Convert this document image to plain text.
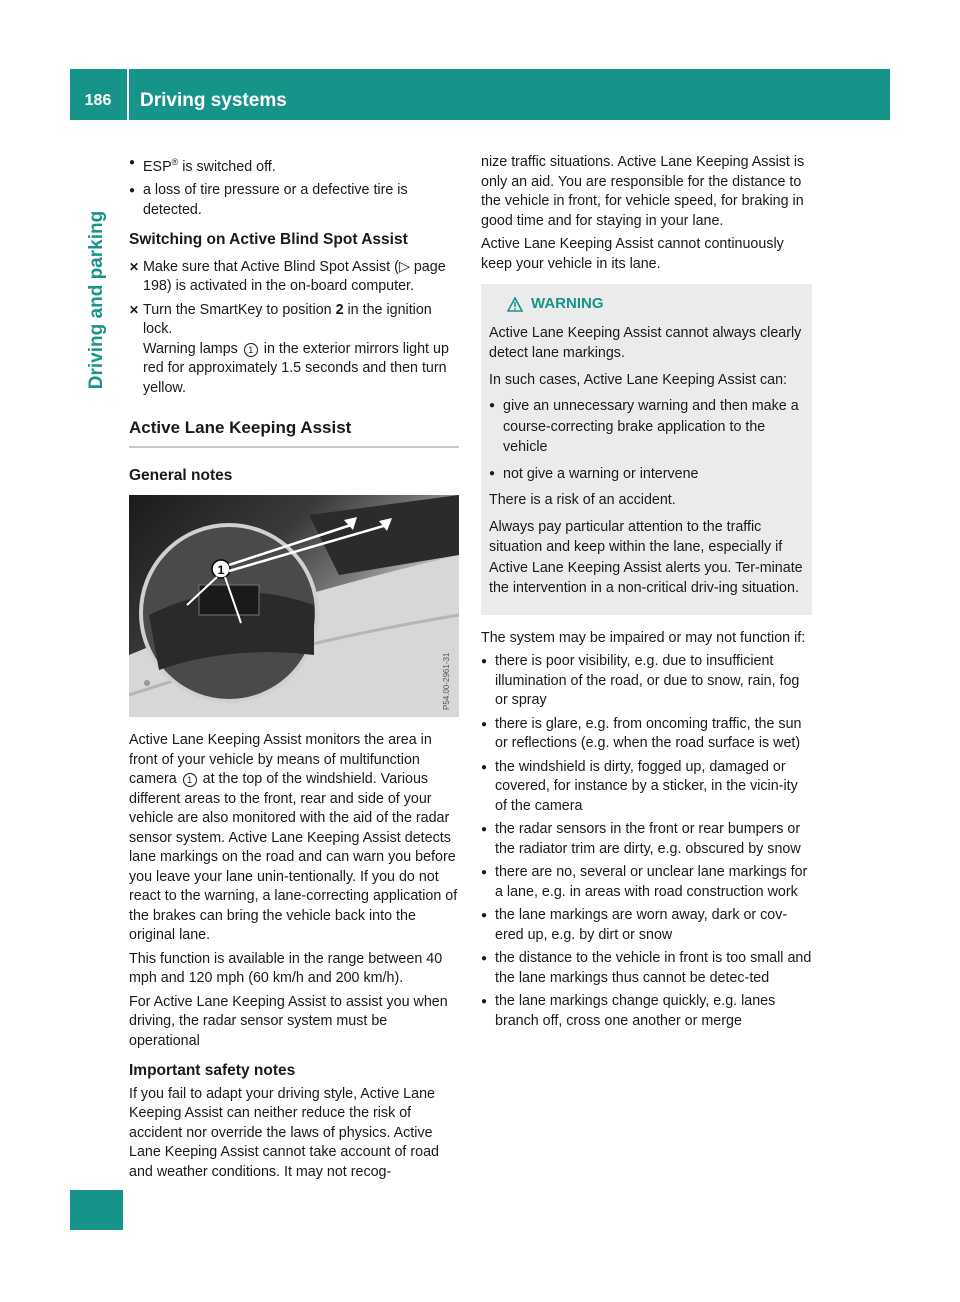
186	Driving systems
Driving and parking
● ESP® is switched off.
● a loss of tire pressure or a defective tire is detected.
Switching on Active Blind Spot Assist
✕ Make sure that Active Blind Spot Assist (▷ page 198) is activated in the on-board computer.
✕ Turn the SmartKey to position 2 in the ignition lock.
Warning lamps 1 in the exterior mirrors light up red for approximately 1.5 seconds and then turn yellow.
Active Lane Keeping Assist
General notes
1
P54.00-2961-31

Active Lane Keeping Assist monitors the area in front of your vehicle by means of multifunction camera 1 at the top of the windshield. Various different areas to the front, rear and side of your vehicle are also monitored with the aid of the radar sensor system. Active Lane Keeping Assist detects lane markings on the road and can warn you before you leave your lane unin-tentionally. If you do not react to the warning, a lane-correcting application of the brakes can bring the vehicle back into the original lane.

This function is available in the range between 40 mph and 120 mph (60 km/h and 200 km/h).

For Active Lane Keeping Assist to assist you when driving, the radar sensor system must be operational

Important safety notes

If you fail to adapt your driving style, Active Lane Keeping Assist can neither reduce the risk of accident nor override the laws of physics. Active Lane Keeping Assist cannot take account of road and weather conditions. It may not recog-

nize traffic situations. Active Lane Keeping Assist is only an aid. You are responsible for the distance to the vehicle in front, for vehicle speed, for braking in good time and for staying in your lane.

Active Lane Keeping Assist cannot continuously keep your vehicle in its lane.

WARNING

Active Lane Keeping Assist cannot always clearly detect lane markings.

In such cases, Active Lane Keeping Assist can:

● give an unnecessary warning and then make a course-correcting brake application to the vehicle
● not give a warning or intervene

There is a risk of an accident.

Always pay particular attention to the traffic situation and keep within the lane, especially if Active Lane Keeping Assist alerts you. Ter-minate the intervention in a non-critical driv-ing situation.

The system may be impaired or may not function if:

● there is poor visibility, e.g. due to insufficient illumination of the road, or due to snow, rain, fog or spray
● there is glare, e.g. from oncoming traffic, the sun or reflections (e.g. when the road surface is wet)
● the windshield is dirty, fogged up, damaged or covered, for instance by a sticker, in the vicin-ity of the camera
● the radar sensors in the front or rear bumpers or the radiator trim are dirty, e.g. obscured by snow
● there are no, several or unclear lane markings for a lane, e.g. in areas with road construction work
● the lane markings are worn away, dark or cov-ered up, e.g. by dirt or snow
● the distance to the vehicle in front is too small and the lane markings thus cannot be detec-ted
● the lane markings change quickly, e.g. lanes branch off, cross one another or merge
